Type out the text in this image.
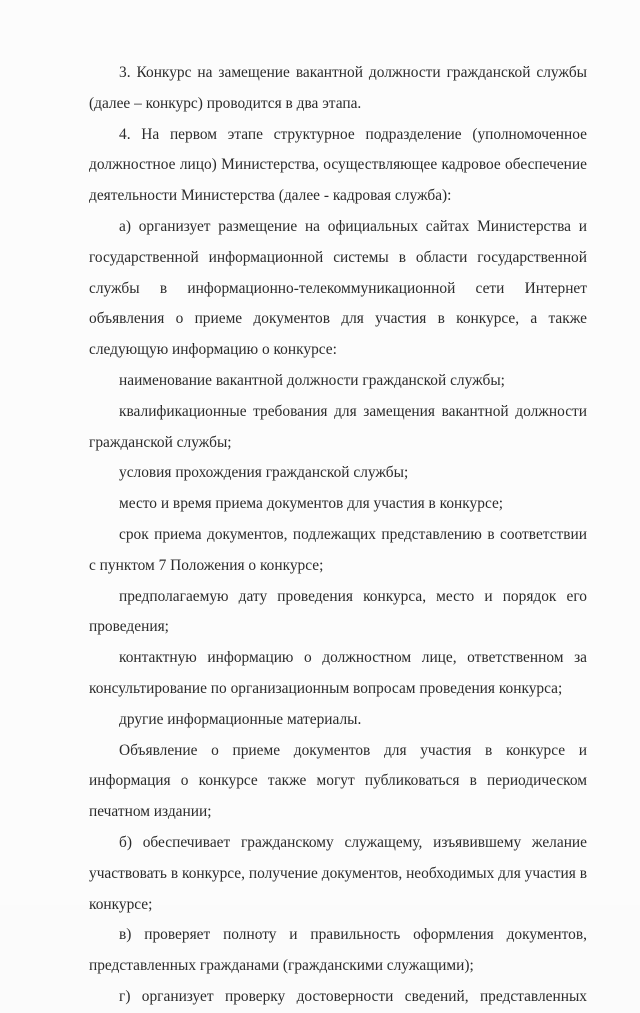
3. Конкурс на замещение вакантной должности гражданской службы (далее – конкурс) проводится в два этапа.

4. На первом этапе структурное подразделение (уполномоченное должностное лицо) Министерства, осуществляющее кадровое обеспечение деятельности Министерства (далее - кадровая служба):

а) организует размещение на официальных сайтах Министерства и государственной информационной системы в области государственной службы в информационно-телекоммуникационной сети Интернет объявления о приеме документов для участия в конкурсе, а также следующую информацию о конкурсе:

наименование вакантной должности гражданской службы;

квалификационные требования для замещения вакантной должности гражданской службы;

условия прохождения гражданской службы;

место и время приема документов для участия в конкурсе;

срок приема документов, подлежащих представлению в соответствии с пунктом 7 Положения о конкурсе;

предполагаемую дату проведения конкурса, место и порядок его проведения;

контактную информацию о должностном лице, ответственном за консультирование по организационным вопросам проведения конкурса;

другие информационные материалы.

Объявление о приеме документов для участия в конкурсе и информация о конкурсе также могут публиковаться в периодическом печатном издании;

б) обеспечивает гражданскому служащему, изъявившему желание участвовать в конкурсе, получение документов, необходимых для участия в конкурсе;

в) проверяет полноту и правильность оформления документов, представленных гражданами (гражданскими служащими);

г) организует проверку достоверности сведений, представленных
